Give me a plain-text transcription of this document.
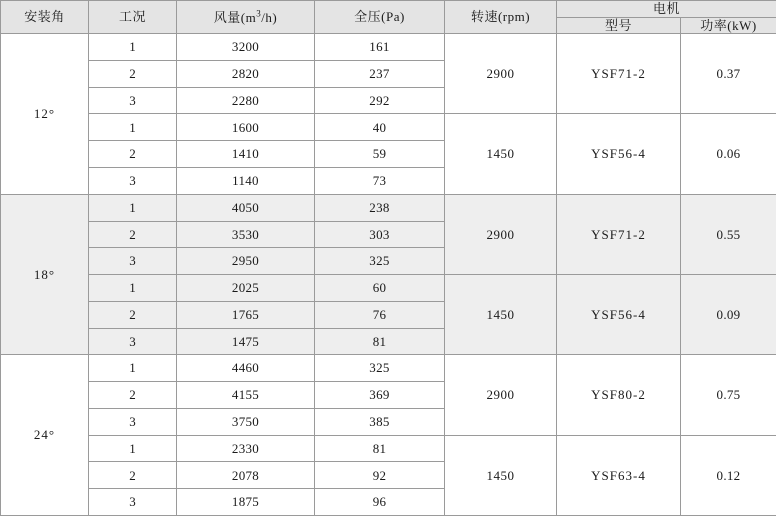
安装角	工况	风量$(m^3/h)$	全压(Pa)	转速(rpm)	电机	
					型号	功率(kW)
12°	1	3200	161	2900	YSF71-2	0.37
	2	2820	237			
	3	2280	292			
	1	1600	40	1450	YSF56-4	0.06
	2	1410	59			
	3	1140	73			
18°	1	4050	238	2900	YSF71-2	0.55
	2	3530	303			
	3	2950	325			
	1	2025	60	1450	YSF56-4	0.09
	2	1765	76			
	3	1475	81			
24°	1	4460	325	2900	YSF80-2	0.75
	2	4155	369			
	3	3750	385			
	1	2330	81	1450	YSF63-4	0.12
	2	2078	92			
	3	1875	96			
